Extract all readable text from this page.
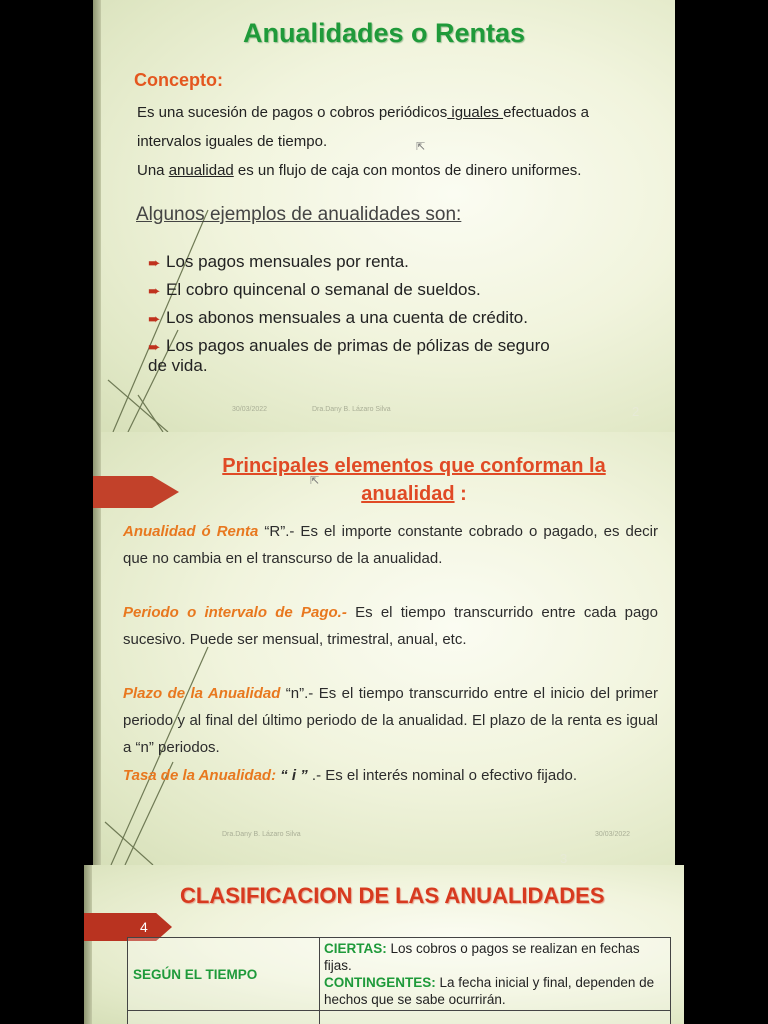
Anualidades o Rentas
Concepto:
Es una sucesión de pagos o cobros periódicos iguales efectuados a
intervalos iguales de tiempo.
Una anualidad es un flujo de caja con montos de dinero uniformes.
⇱
Algunos ejemplos de anualidades son:
➨ Los pagos mensuales por renta.
➨ El cobro quincenal o semanal de sueldos.
➨ Los abonos mensuales a una cuenta de crédito.
➨ Los pagos anuales de primas de pólizas de seguro
de vida.
30/03/2022	Dra.Dany B. Lázaro Silva	2
Principales elementos que conforman la
anualidad :
⇱
Anualidad ó Renta “R”.- Es el importe constante cobrado o pagado, es decir que no cambia en el transcurso de la anualidad.
Periodo o intervalo de Pago.- Es el tiempo transcurrido entre cada pago sucesivo. Puede ser mensual, trimestral, anual, etc.
Plazo de la Anualidad “n”.- Es el tiempo transcurrido entre el inicio del primer periodo y al final del último periodo de la anualidad. El plazo de la renta es igual a “n” periodos.
Tasa de la Anualidad: “ i ” .- Es el interés nominal o efectivo fijado.
Dra.Dany B. Lázaro Silva	30/03/2022
3
CLASIFICACION DE LAS ANUALIDADES
4
SEGÚN EL TIEMPO	CIERTAS: Los cobros o pagos se realizan en fechas fijas.
CONTINGENTES: La fecha inicial y final, dependen de hechos que se sabe ocurrirán.
